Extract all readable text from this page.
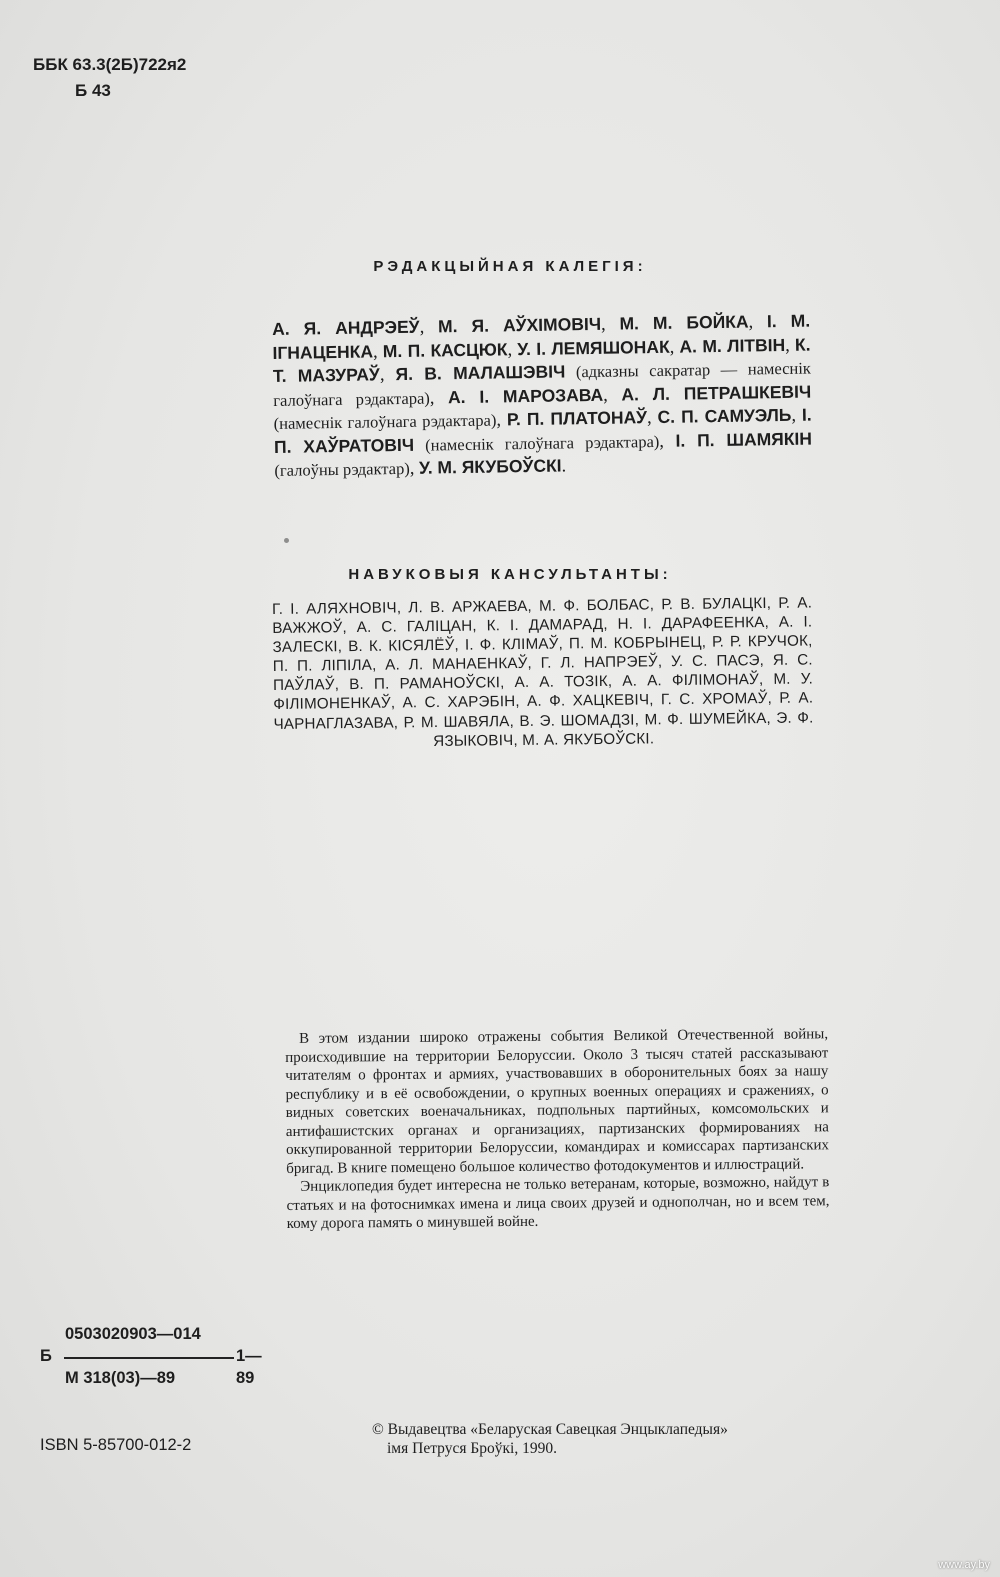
ББК 63.3(2Б)722я2
Б 43
РЭДАКЦЫЙНАЯ КАЛЕГІЯ:
А. Я. АНДРЭЕЎ, М. Я. АЎХІМОВІЧ, М. М. БОЙКА, І. М. ІГНАЦЕНКА, М. П. КАСЦЮК, У. І. ЛЕМЯШОНАК, А. М. ЛІТВІН, К. Т. МАЗУРАЎ, Я. В. МАЛАШЭВІЧ (адказны сакратар — намеснік галоўнага рэдактара), А. І. МАРОЗАВА, А. Л. ПЕТРАШКЕВІЧ (намеснік галоўнага рэдактара), Р. П. ПЛАТОНАЎ, С. П. САМУЭЛЬ, І. П. ХАЎРАТОВІЧ (намеснік галоўнага рэдактара), І. П. ШАМЯКІН (галоўны рэдактар), У. М. ЯКУБОЎСКІ.
НАВУКОВЫЯ КАНСУЛЬТАНТЫ:
Г. І. АЛЯХНОВІЧ, Л. В. АРЖАЕВА, М. Ф. БОЛБАС, Р. В. БУЛАЦКІ, Р. А. ВАЖЖОЎ, А. С. ГАЛІЦАН, К. І. ДАМАРАД, Н. І. ДАРАФЕЕНКА, А. І. ЗАЛЕСКІ, В. К. КІСЯЛЁЎ, І. Ф. КЛІМАЎ, П. М. КОБРЫНЕЦ, Р. Р. КРУЧОК, П. П. ЛІПІЛА, А. Л. МАНАЕНКАЎ, Г. Л. НАПРЭЕЎ, У. С. ПАСЭ, Я. С. ПАЎЛАЎ, В. П. РАМАНОЎСКІ, А. А. ТОЗІК, А. А. ФІЛІМОНАЎ, М. У. ФІЛІМОНЕНКАЎ, А. С. ХАРЭБІН, А. Ф. ХАЦКЕВІЧ, Г. С. ХРОМАЎ, Р. А. ЧАРНАГЛАЗАВА, Р. М. ШАВЯЛА, В. Э. ШОМАДЗІ, М. Ф. ШУМЕЙКА, Э. Ф. ЯЗЫКОВІЧ, М. А. ЯКУБОЎСКІ.

В этом издании широко отражены события Великой Отечественной войны, происходившие на территории Белоруссии. Около 3 тысяч статей рассказывают читателям о фронтах и армиях, участвовавших в оборонительных боях за нашу республику и в её освобождении, о крупных военных операциях и сражениях, о видных советских военачальниках, подпольных партийных, комсомольских и антифашистских органах и организациях, партизанских формированиях на оккупированной территории Белоруссии, командирах и комиссарах партизанских бригад. В книге помещено большое количество фотодокументов и иллюстраций.

Энциклопедия будет интересна не только ветеранам, которые, возможно, найдут в статьях и на фотоснимках имена и лица своих друзей и однополчан, но и всем тем, кому дорога память о минувшей войне.

0503020903—014
Б	1—89
М 318(03)—89
ISBN 5-85700-012-2
© Выдавецтва «Беларуская Савецкая Энцыклапедыя»
імя Петруся Броўкі, 1990.
www.ay.by
